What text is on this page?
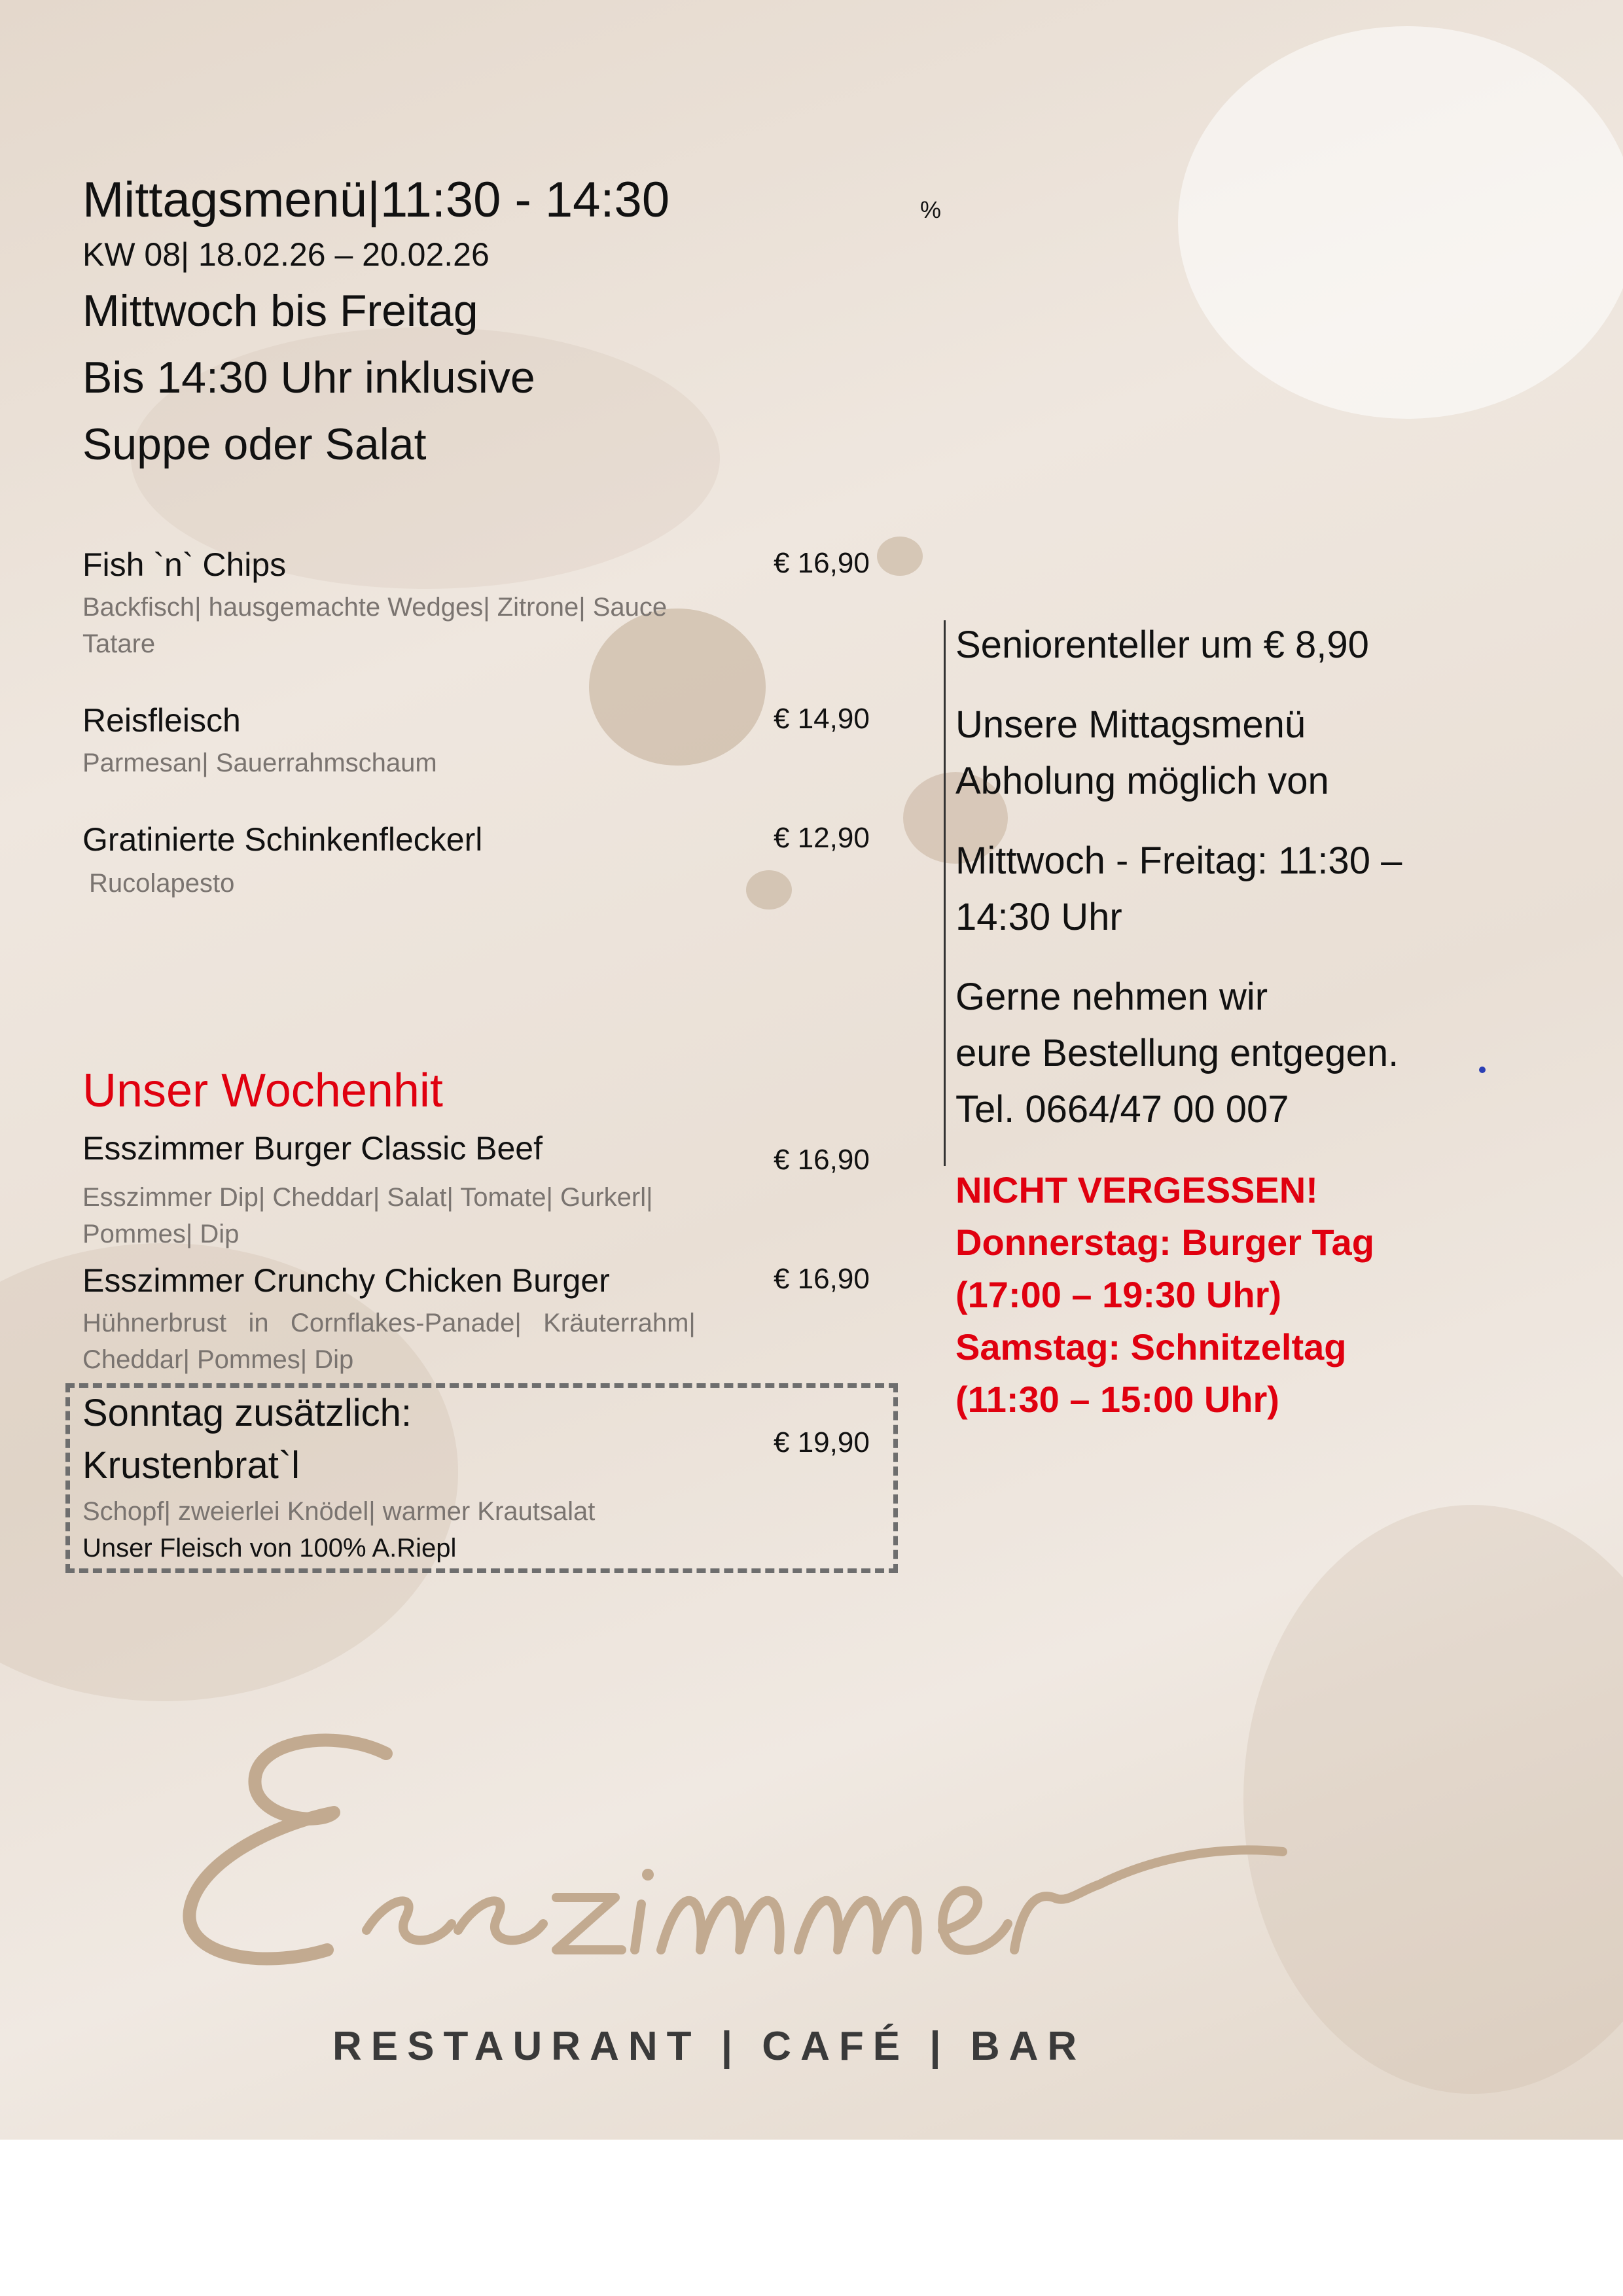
Mittagsmenü|11:30 - 14:30	%
KW 08| 18.02.26 – 20.02.26
Mittwoch bis Freitag
Bis 14:30 Uhr inklusive
Suppe oder Salat
Fish `n` Chips	€ 16,90
Backfisch| hausgemachte Wedges| Zitrone| Sauce
Tatare
Reisfleisch	€ 14,90
Parmesan| Sauerrahmschaum
Gratinierte Schinkenfleckerl	€ 12,90
Rucolapesto
Unser Wochenhit
Esszimmer Burger Classic Beef	€ 16,90
Esszimmer Dip| Cheddar| Salat| Tomate| Gurkerl|
Pommes| Dip
Esszimmer Crunchy Chicken Burger	€ 16,90
Hühnerbrust   in   Cornflakes-Panade|   Kräuterrahm|
Cheddar| Pommes| Dip
Sonntag zusätzlich:
Krustenbrat`l
€ 19,90
Schopf| zweierlei Knödel| warmer Krautsalat
Unser Fleisch von 100% A.Riepl
Seniorenteller um € 8,90
Unsere Mittagsmenü
Abholung möglich von
Mittwoch - Freitag: 11:30 –
14:30 Uhr
Gerne nehmen wir
eure Bestellung entgegen.
Tel. 0664/47 00 007
NICHT VERGESSEN!
Donnerstag: Burger Tag
(17:00 – 19:30 Uhr)
Samstag: Schnitzeltag
(11:30 – 15:00 Uhr)
RESTAURANT | CAFÉ | BAR
